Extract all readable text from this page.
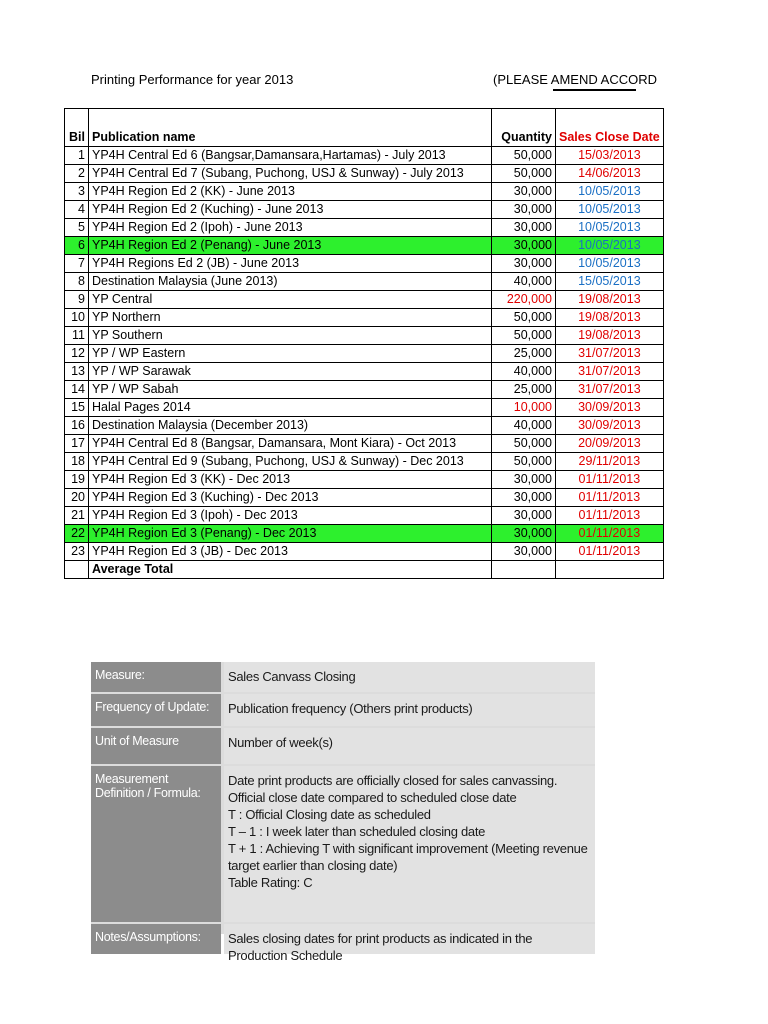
Printing Performance for year 2013	(PLEASE AMEND ACCORD
Bil	Publication name	Quantity	Sales Close Date
1	YP4H Central Ed 6 (Bangsar,Damansara,Hartamas) - July 2013	50,000	15/03/2013
2	YP4H Central Ed 7 (Subang, Puchong, USJ & Sunway) - July 2013	50,000	14/06/2013
3	YP4H Region Ed 2 (KK) - June 2013	30,000	10/05/2013
4	YP4H Region Ed 2 (Kuching) - June 2013	30,000	10/05/2013
5	YP4H Region Ed 2 (Ipoh) - June 2013	30,000	10/05/2013
6	YP4H Region Ed 2 (Penang) - June 2013	30,000	10/05/2013
7	YP4H Regions Ed 2 (JB) - June 2013	30,000	10/05/2013
8	Destination Malaysia (June 2013)	40,000	15/05/2013
9	YP Central	220,000	19/08/2013
10	YP Northern	50,000	19/08/2013
11	YP Southern	50,000	19/08/2013
12	YP / WP Eastern	25,000	31/07/2013
13	YP / WP Sarawak	40,000	31/07/2013
14	YP / WP Sabah	25,000	31/07/2013
15	Halal Pages 2014	10,000	30/09/2013
16	Destination Malaysia (December 2013)	40,000	30/09/2013
17	YP4H Central Ed 8 (Bangsar, Damansara, Mont Kiara) - Oct 2013	50,000	20/09/2013
18	YP4H Central Ed 9 (Subang, Puchong, USJ & Sunway) - Dec 2013	50,000	29/11/2013
19	YP4H Region Ed 3 (KK) - Dec 2013	30,000	01/11/2013
20	YP4H Region Ed 3 (Kuching) - Dec 2013	30,000	01/11/2013
21	YP4H Region Ed 3 (Ipoh) - Dec 2013	30,000	01/11/2013
22	YP4H Region Ed 3 (Penang) - Dec 2013	30,000	01/11/2013
23	YP4H Region Ed 3 (JB) - Dec 2013	30,000	01/11/2013
	Average Total		
Measure:	Sales Canvass Closing
Frequency of Update:	Publication frequency (Others print products)
Unit of Measure	Number of week(s)
Measurement Definition / Formula:
Date print products are officially closed for sales canvassing.
Official close date compared to scheduled close date
T : Official Closing date as scheduled
T – 1 : I week later than scheduled closing date
T + 1 : Achieving T with significant improvement (Meeting revenue target earlier than closing date)
Table Rating: C
Notes/Assumptions:	Sales closing dates for print products as indicated in the Production Schedule
